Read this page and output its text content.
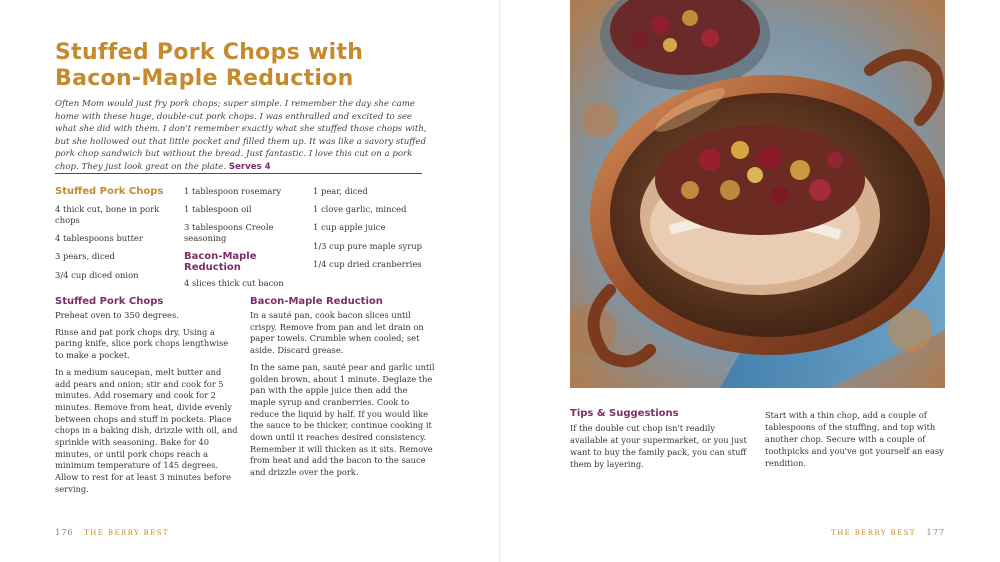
Stuffed Pork Chops with
Bacon-Maple Reduction

Often Mom would just fry pork chops; super simple. I remember the day she came home with these huge, double-cut pork chops. I was enthralled and excited to see what she did with them. I don't remember exactly what she stuffed those chops with, but she hollowed out that little pocket and filled them up. It was like a savory stuffed pork chop sandwich but without the bread. Just fantastic. I love this cut on a pork chop. They just look great on the plate. Serves 4

Stuffed Pork Chops
4 thick cut, bone in pork chops
4 tablespoons butter
3 pears, diced
3/4 cup diced onion
1 tablespoon rosemary
1 tablespoon oil
3 tablespoons Creole seasoning
Bacon-Maple Reduction
4 slices thick cut bacon
1 pear, diced
1 clove garlic, minced
1 cup apple juice
1/3 cup pure maple syrup
1/4 cup dried cranberries
Stuffed Pork Chops

Preheat oven to 350 degrees.

Rinse and pat pork chops dry. Using a paring knife, slice pork chops lengthwise to make a pocket.

In a medium saucepan, melt butter and add pears and onion; stir and cook for 5 minutes. Add rosemary and cook for 2 minutes. Remove from heat, divide evenly between chops and stuff in pockets. Place chops in a baking dish, drizzle with oil, and sprinkle with seasoning. Bake for 40 minutes, or until pork chops reach a minimum temperature of 145 degrees. Allow to rest for at least 3 minutes before serving.

Bacon-Maple Reduction

In a sauté pan, cook bacon slices until crispy. Remove from pan and let drain on paper towels. Crumble when cooled; set aside. Discard grease.

In the same pan, sauté pear and garlic until golden brown, about 1 minute. Deglaze the pan with the apple juice then add the maple syrup and cranberries. Cook to reduce the liquid by half. If you would like the sauce to be thicker, continue cooking it down until it reaches desired consistency. Remember it will thicken as it sits. Remove from heat and add the bacon to the sauce and drizzle over the pork.

176 THE BERRY BEST
Tips & Suggestions

If the double cut chop isn't readily available at your supermarket, or you just want to buy the family pack, you can stuff them by layering.

Start with a thin chop, add a couple of tablespoons of the stuffing, and top with another chop. Secure with a couple of toothpicks and you've got yourself an easy rendition.

THE BERRY BEST 177
